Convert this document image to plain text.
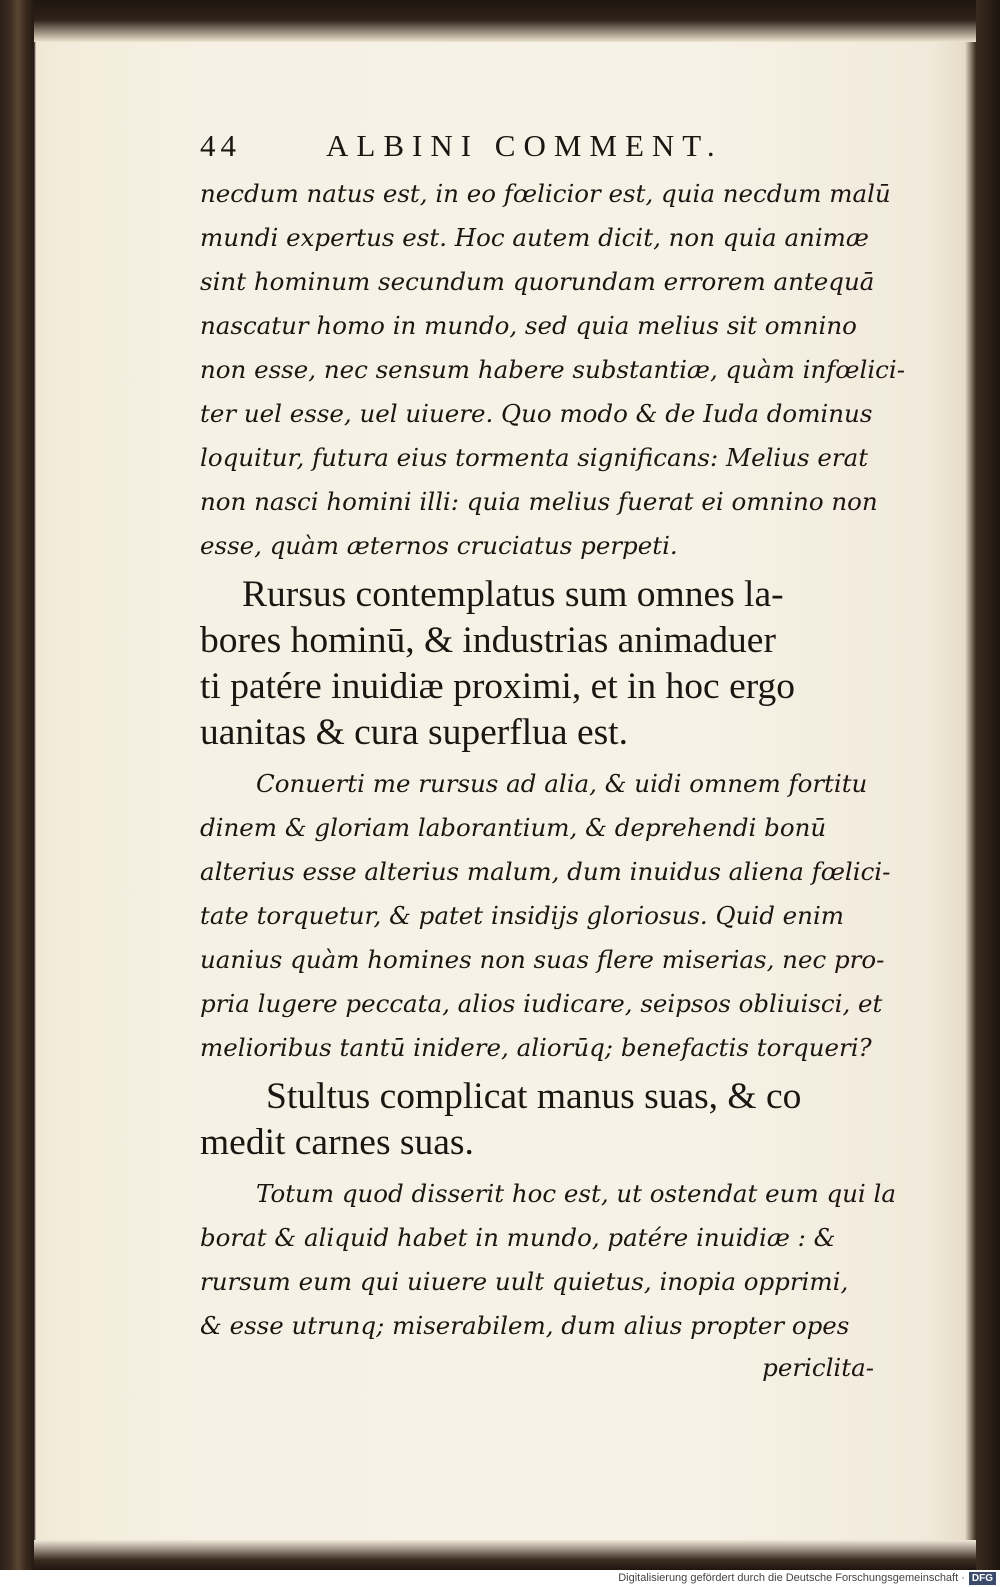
44	ALBINI COMMENT.

necdum natus est, in eo fœlicior est, quia necdum malū
mundi expertus est. Hoc autem dicit, non quia animæ
sint hominum secundum quorundam errorem antequā
nascatur homo in mundo, sed quia melius sit omnino
non esse, nec sensum habere substantiæ, quàm infœlici-
ter uel esse, uel uiuere. Quo modo & de Iuda dominus
loquitur, futura eius tormenta significans: Melius erat
non nasci homini illi: quia melius fuerat ei omnino non
esse, quàm æternos cruciatus perpeti.

Rursus contemplatus sum omnes la-
bores hominū, & industrias animaduer
ti patére inuidiæ proximi, et in hoc ergo
uanitas & cura superflua est.

Conuerti me rursus ad alia, & uidi omnem fortitu
dinem & gloriam laborantium, & deprehendi bonū
alterius esse alterius malum, dum inuidus aliena fœlici-
tate torquetur, & patet insidijs gloriosus. Quid enim
uanius quàm homines non suas flere miserias, nec pro-
pria lugere peccata, alios iudicare, seipsos obliuisci, et
melioribus tantū inidere, aliorūq; benefactis torqueri?

Stultus complicat manus suas, & co
medit carnes suas.

Totum quod disserit hoc est, ut ostendat eum qui la
borat & aliquid habet in mundo, patére inuidiæ : &
rursum eum qui uiuere uult quietus, inopia opprimi,
& esse utrunq; miserabilem, dum alius propter opes

periclita-
Digitalisierung gefördert durch die Deutsche Forschungsgemeinschaft · DFG
